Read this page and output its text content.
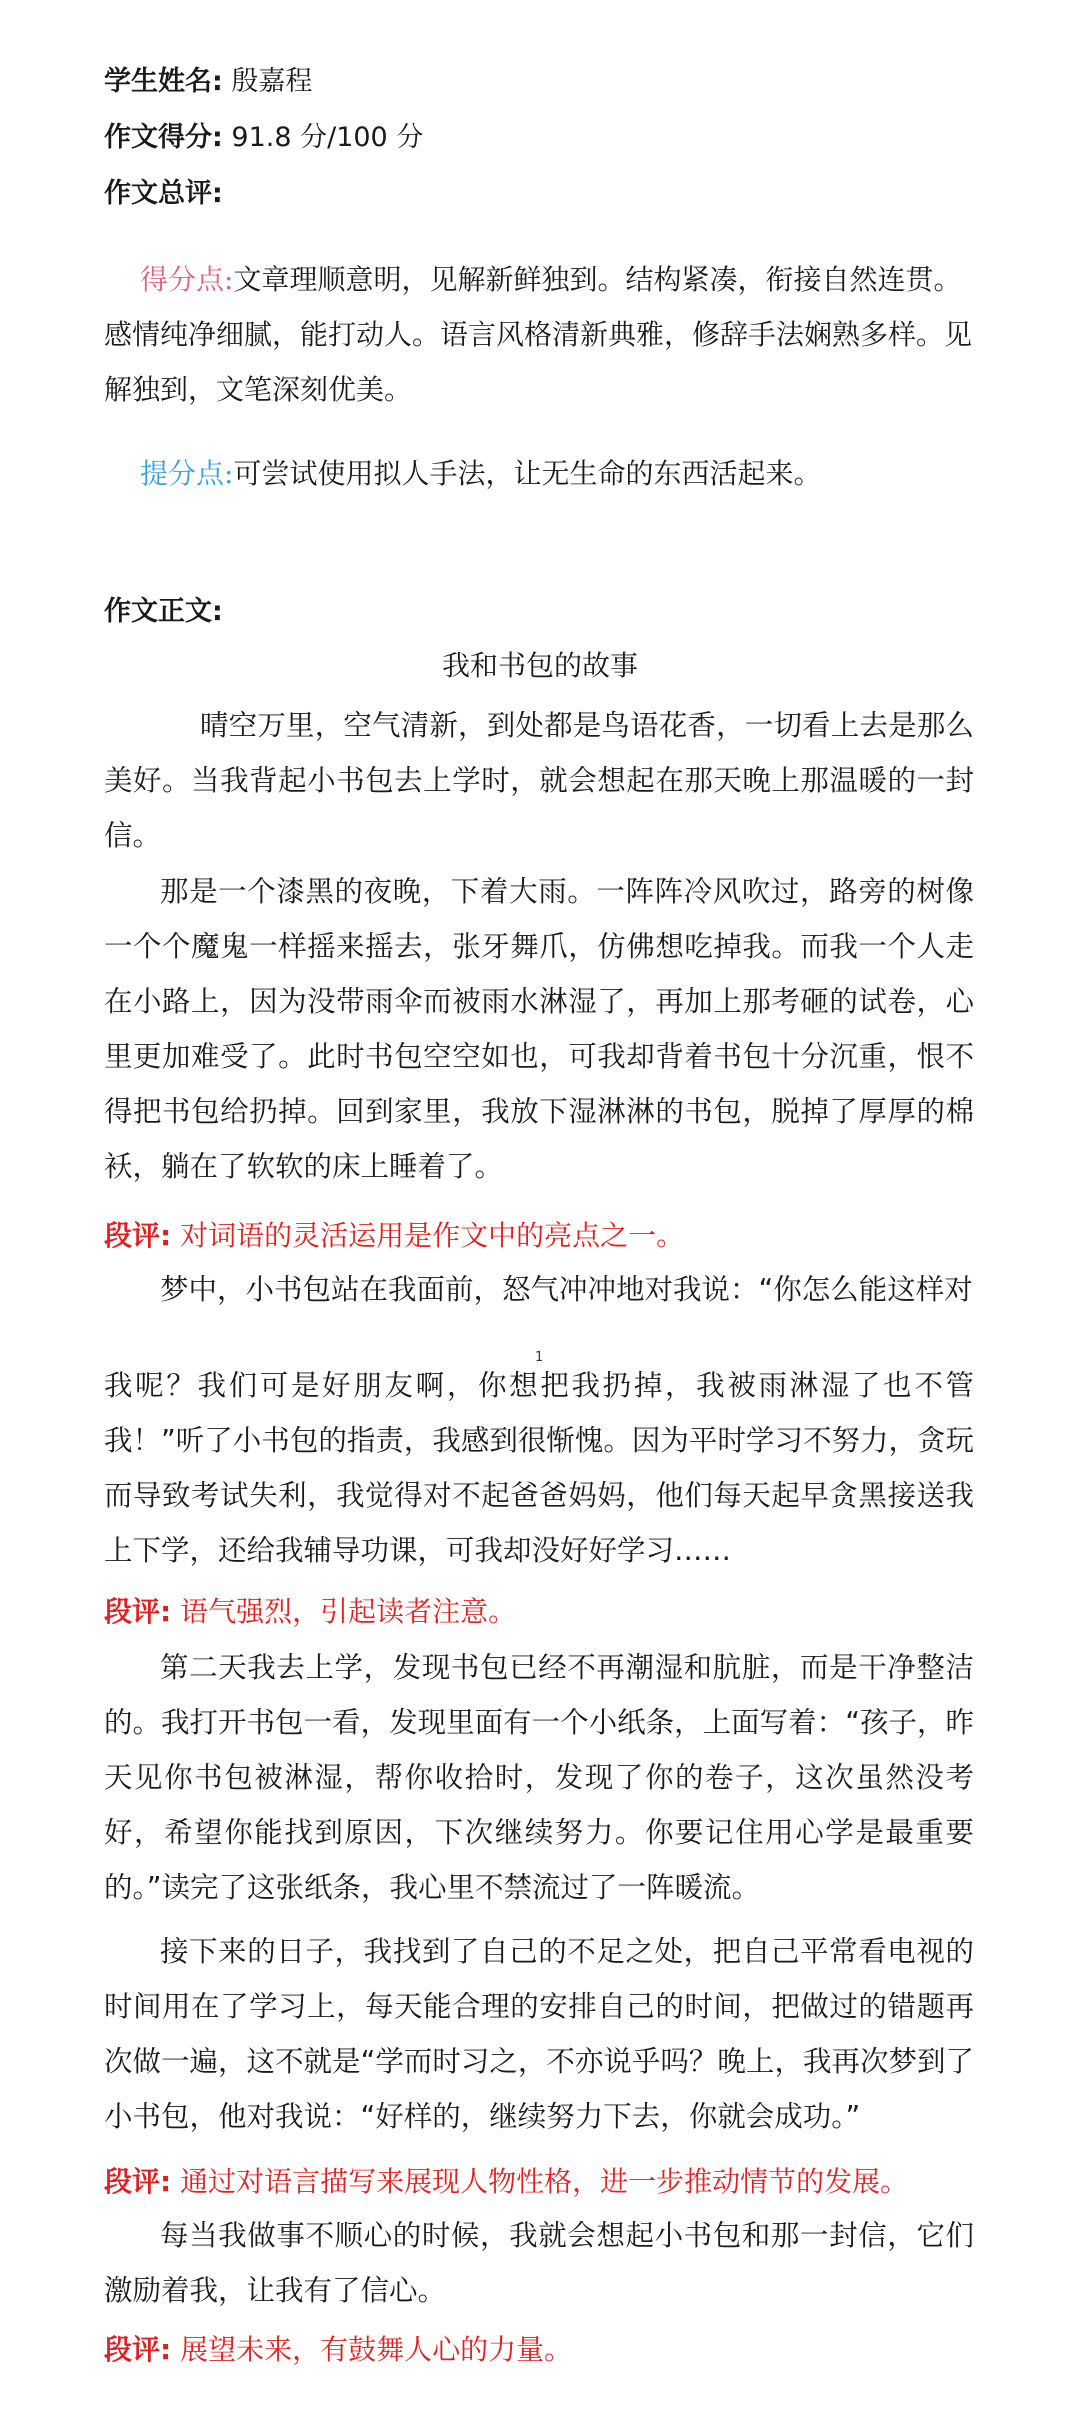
学生姓名: 殷嘉程
作文得分: 91.8 分/100 分
作文总评:
得分点:文章理顺意明，见解新鲜独到。结构紧凑，衔接自然连贯。感情纯净细腻，能打动人。语言风格清新典雅，修辞手法娴熟多样。见解独到，文笔深刻优美。
提分点:可尝试使用拟人手法，让无生命的东西活起来。
作文正文:
我和书包的故事
晴空万里，空气清新，到处都是鸟语花香，一切看上去是那么美好。当我背起小书包去上学时，就会想起在那天晚上那温暖的一封信。
那是一个漆黑的夜晚，下着大雨。一阵阵冷风吹过，路旁的树像一个个魔鬼一样摇来摇去，张牙舞爪，仿佛想吃掉我。而我一个人走在小路上，因为没带雨伞而被雨水淋湿了，再加上那考砸的试卷，心里更加难受了。此时书包空空如也，可我却背着书包十分沉重，恨不得把书包给扔掉。回到家里，我放下湿淋淋的书包，脱掉了厚厚的棉袄，躺在了软软的床上睡着了。
段评: 对词语的灵活运用是作文中的亮点之一。
梦中，小书包站在我面前，怒气冲冲地对我说：“你怎么能这样对
1
我呢？我们可是好朋友啊，你想把我扔掉，我被雨淋湿了也不管我！”听了小书包的指责，我感到很惭愧。因为平时学习不努力，贪玩而导致考试失利，我觉得对不起爸爸妈妈，他们每天起早贪黑接送我上下学，还给我辅导功课，可我却没好好学习……
段评: 语气强烈，引起读者注意。
第二天我去上学，发现书包已经不再潮湿和肮脏，而是干净整洁的。我打开书包一看，发现里面有一个小纸条，上面写着：“孩子，昨天见你书包被淋湿，帮你收拾时，发现了你的卷子，这次虽然没考好，希望你能找到原因，下次继续努力。你要记住用心学是最重要的。”读完了这张纸条，我心里不禁流过了一阵暖流。
接下来的日子，我找到了自己的不足之处，把自己平常看电视的时间用在了学习上，每天能合理的安排自己的时间，把做过的错题再次做一遍，这不就是“学而时习之，不亦说乎吗？晚上，我再次梦到了小书包，他对我说：“好样的，继续努力下去，你就会成功。”
段评: 通过对语言描写来展现人物性格，进一步推动情节的发展。
每当我做事不顺心的时候，我就会想起小书包和那一封信，它们激励着我，让我有了信心。
段评: 展望未来，有鼓舞人心的力量。
